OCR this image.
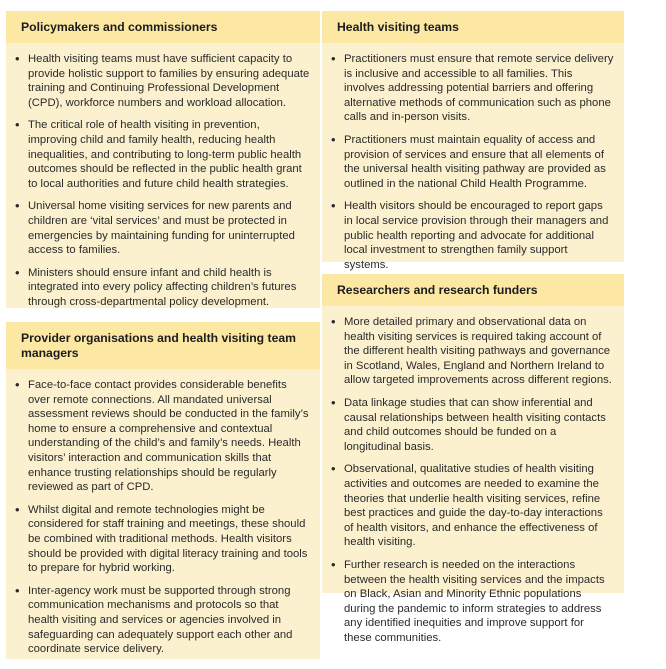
Policymakers and commissioners
• Health visiting teams must have sufficient capacity to provide holistic support to families by ensuring adequate training and Continuing Professional Development (CPD), workforce numbers and workload allocation.
• The critical role of health visiting in prevention, improving child and family health, reducing health inequalities, and contributing to long-term public health outcomes should be reflected in the public health grant to local authorities and future child health strategies.
• Universal home visiting services for new parents and children are ‘vital services’ and must be protected in emergencies by maintaining funding for uninterrupted access to families.
• Ministers should ensure infant and child health is integrated into every policy affecting children’s futures through cross-departmental policy development.
Provider organisations and health visiting team managers
• Face-to-face contact provides considerable benefits over remote connections. All mandated universal assessment reviews should be conducted in the family’s home to ensure a comprehensive and contextual understanding of the child’s and family’s needs. Health visitors’ interaction and communication skills that enhance trusting relationships should be regularly reviewed as part of CPD.
• Whilst digital and remote technologies might be considered for staff training and meetings, these should be combined with traditional methods. Health visitors should be provided with digital literacy training and tools to prepare for hybrid working.
• Inter-agency work must be supported through strong communication mechanisms and protocols so that health visiting and services or agencies involved in safeguarding can adequately support each other and coordinate service delivery.
Health visiting teams
• Practitioners must ensure that remote service delivery is inclusive and accessible to all families. This involves addressing potential barriers and offering alternative methods of communication such as phone calls and in-person visits.
• Practitioners must maintain equality of access and provision of services and ensure that all elements of the universal health visiting pathway are provided as outlined in the national Child Health Programme.
• Health visitors should be encouraged to report gaps in local service provision through their managers and public health reporting and advocate for additional local investment to strengthen family support systems.
Researchers and research funders
• More detailed primary and observational data on health visiting services is required taking account of the different health visiting pathways and governance in Scotland, Wales, England and Northern Ireland to allow targeted improvements across different regions.
• Data linkage studies that can show inferential and causal relationships between health visiting contacts and child outcomes should be funded on a longitudinal basis.
• Observational, qualitative studies of health visiting activities and outcomes are needed to examine the theories that underlie health visiting services, refine best practices and guide the day-to-day interactions of health visitors, and enhance the effectiveness of health visiting.
• Further research is needed on the interactions between the health visiting services and the impacts on Black, Asian and Minority Ethnic populations during the pandemic to inform strategies to address any identified inequities and improve support for these communities.
